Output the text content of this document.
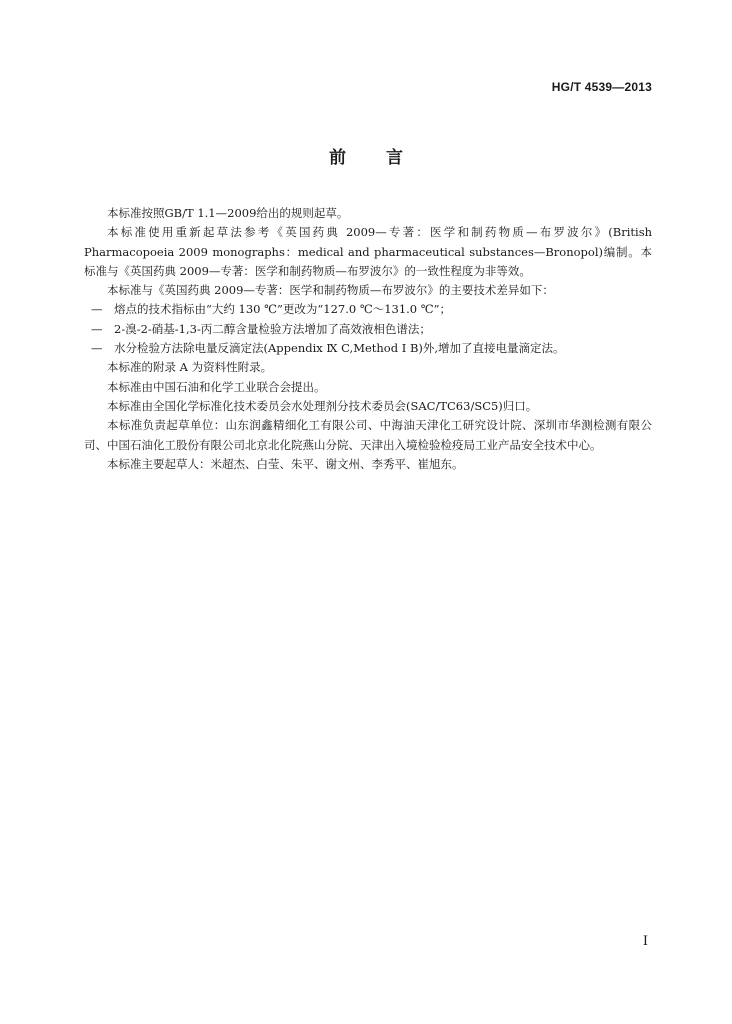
HG/T 4539—2013
前言

本标准按照GB/T 1.1—2009给出的规则起草。

本标准使用重新起草法参考《英国药典 2009—专著：医学和制药物质—布罗波尔》(British Pharmacopoeia 2009 monographs：medical and pharmaceutical substances—Bronopol)编制。本标准与《英国药典 2009—专著：医学和制药物质—布罗波尔》的一致性程度为非等效。

本标准与《英国药典 2009—专著：医学和制药物质—布罗波尔》的主要技术差异如下：

— 熔点的技术指标由“大约 130 ℃”更改为“127.0 ℃～131.0 ℃”；
— 2-溴-2-硝基-1,3-丙二醇含量检验方法增加了高效液相色谱法；
— 水分检验方法除电量反滴定法(Appendix Ⅸ C,Method Ⅰ B)外,增加了直接电量滴定法。

本标准的附录 A 为资料性附录。

本标准由中国石油和化学工业联合会提出。

本标准由全国化学标准化技术委员会水处理剂分技术委员会(SAC/TC63/SC5)归口。

本标准负责起草单位：山东润鑫精细化工有限公司、中海油天津化工研究设计院、深圳市华测检测有限公司、中国石油化工股份有限公司北京北化院燕山分院、天津出入境检验检疫局工业产品安全技术中心。

本标准主要起草人：米超杰、白莹、朱平、谢文州、李秀平、崔旭东。

I
